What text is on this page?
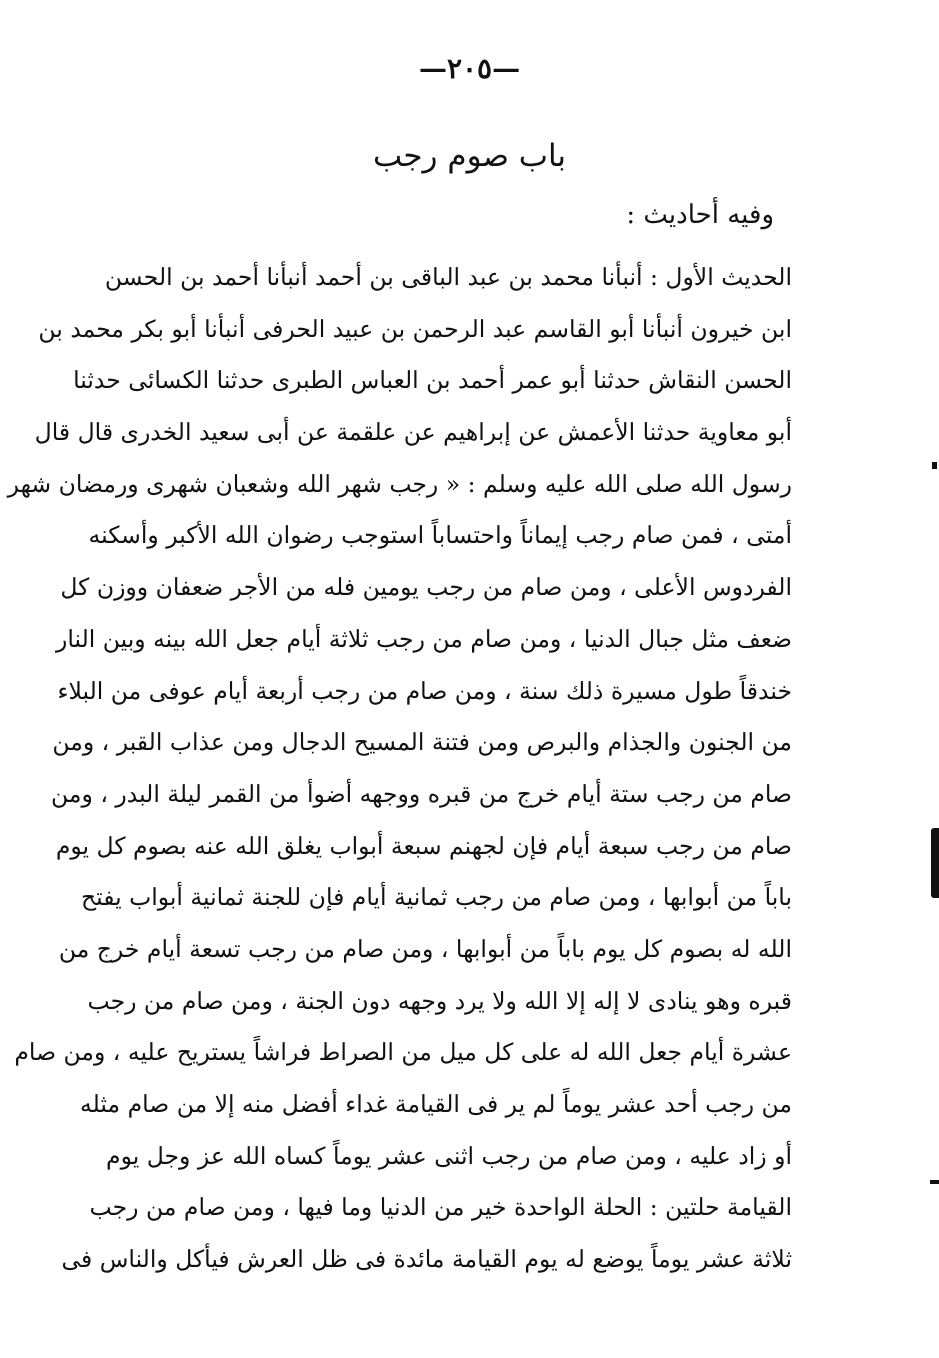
—٢٠٥—
باب صوم رجب
وفيه أحاديث :
الحديث الأول : أنبأنا محمد بن عبد الباقى بن أحمد أنبأنا أحمد بن الحسن
ابن خيرون أنبأنا أبو القاسم عبد الرحمن بن عبيد الحرفى أنبأنا أبو بكر محمد بن
الحسن النقاش حدثنا أبو عمر أحمد بن العباس الطبرى حدثنا الكسائى حدثنا
أبو معاوية حدثنا الأعمش عن إبراهيم عن علقمة عن أبى سعيد الخدرى قال قال
رسول الله صلى الله عليه وسلم : « رجب شهر الله وشعبان شهرى ورمضان شهر
أمتى ، فمن صام رجب إيماناً واحتساباً استوجب رضوان الله الأكبر وأسكنه
الفردوس الأعلى ، ومن صام من رجب يومين فله من الأجر ضعفان ووزن كل
ضعف مثل جبال الدنيا ، ومن صام من رجب ثلاثة أيام جعل الله بينه وبين النار
خندقاً طول مسيرة ذلك سنة ، ومن صام من رجب أربعة أيام عوفى من البلاء
من الجنون والجذام والبرص ومن فتنة المسيح الدجال ومن عذاب القبر ، ومن
صام من رجب ستة أيام خرج من قبره ووجهه أضوأ من القمر ليلة البدر ، ومن
صام من رجب سبعة أيام فإن لجهنم سبعة أبواب يغلق الله عنه بصوم كل يوم
باباً من أبوابها ، ومن صام من رجب ثمانية أيام فإن للجنة ثمانية أبواب يفتح
الله له بصوم كل يوم باباً من أبوابها ، ومن صام من رجب تسعة أيام خرج من
قبره وهو ينادى لا إله إلا الله ولا يرد وجهه دون الجنة ، ومن صام من رجب
عشرة أيام جعل الله له على كل ميل من الصراط فراشاً يستريح عليه ، ومن صام
من رجب أحد عشر يوماً لم ير فى القيامة غداء أفضل منه إلا من صام مثله
أو زاد عليه ، ومن صام من رجب اثنى عشر يوماً كساه الله عز وجل يوم
القيامة حلتين : الحلة الواحدة خير من الدنيا وما فيها ، ومن صام من رجب
ثلاثة عشر يوماً يوضع له يوم القيامة مائدة فى ظل العرش فيأكل والناس فى
